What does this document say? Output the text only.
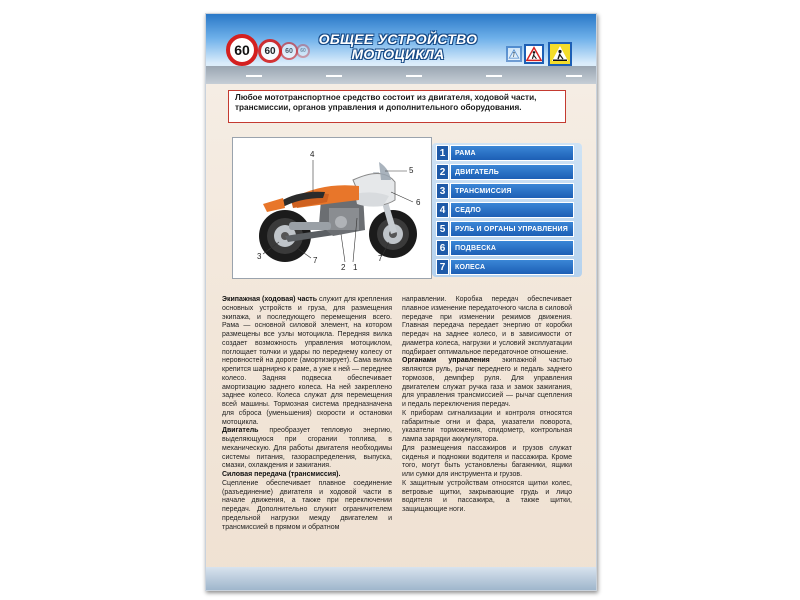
60 60 60 60
ОБЩЕЕ УСТРОЙСТВО
МОТОЦИКЛА
Любое мототранспортное средство состоит из двигателя, ходовой части, трансмиссии, органов управления и дополнительного оборудования.
4
5
6
3	7
2 1
7
1	РАМА
2	ДВИГАТЕЛЬ
3	ТРАНСМИССИЯ
4	СЕДЛО
5	РУЛЬ И ОРГАНЫ УПРАВЛЕНИЯ
6	ПОДВЕСКА
7	КОЛЕСА

Экипажная (ходовая) часть служит для крепления основных устройств и груза, для размещения экипажа, и последующего перемещения всего. Рама — основной силовой элемент, на котором размещены все узлы мотоцикла. Передняя вилка создает возможность управления мотоциклом, поглощает толчки и удары по переднему колесу от неровностей на дороге (амортизирует). Сама вилка крепится шарнирно к раме, а уже к ней — переднее колесо. Задняя подвеска обеспечивает амортизацию заднего колеса. На ней закреплено заднее колесо. Колеса служат для перемещения всей машины. Тормозная система предназначена для сброса (уменьшения) скорости и остановки мотоцикла.

Двигатель преобразует тепловую энергию, выделяющуюся при сгорании топлива, в механическую. Для работы двигателя необходимы системы питания, газораспределения, выпуска, смазки, охлаждения и зажигания.

Силовая передача (трансмиссия).

Сцепление обеспечивает плавное соединение (разъединение) двигателя и ходовой части в начале движения, а также при переключении передач. Дополнительно служит ограничителем предельной нагрузки между двигателем и трансмиссией в прямом и обратном

направлении. Коробка передач обеспечивает плавное изменение передаточного числа в силовой передаче при изменении режимов движения. Главная передача передает энергию от коробки передач на заднее колесо, и в зависимости от диаметра колеса, нагрузки и условий эксплуатации подбирает оптимальное передаточное отношение.

Органами управления экипажной частью являются руль, рычаг переднего и педаль заднего тормозов, демпфер руля. Для управления двигателем служат ручка газа и замок зажигания, для управления трансмиссией — рычаг сцепления и педаль переключения передач.

К приборам сигнализации и контроля относятся габаритные огни и фара, указатели поворота, указатели торможения, спидометр, контрольная лампа зарядки аккумулятора.

Для размещения пассажиров и грузов служат сиденья и подножки водителя и пассажира. Кроме того, могут быть установлены багажники, ящики или сумки для инструмента и грузов.

К защитным устройствам относятся щитки колес, ветровые щитки, закрывающие грудь и лицо водителя и пассажира, а также щитки, защищающие ноги.
